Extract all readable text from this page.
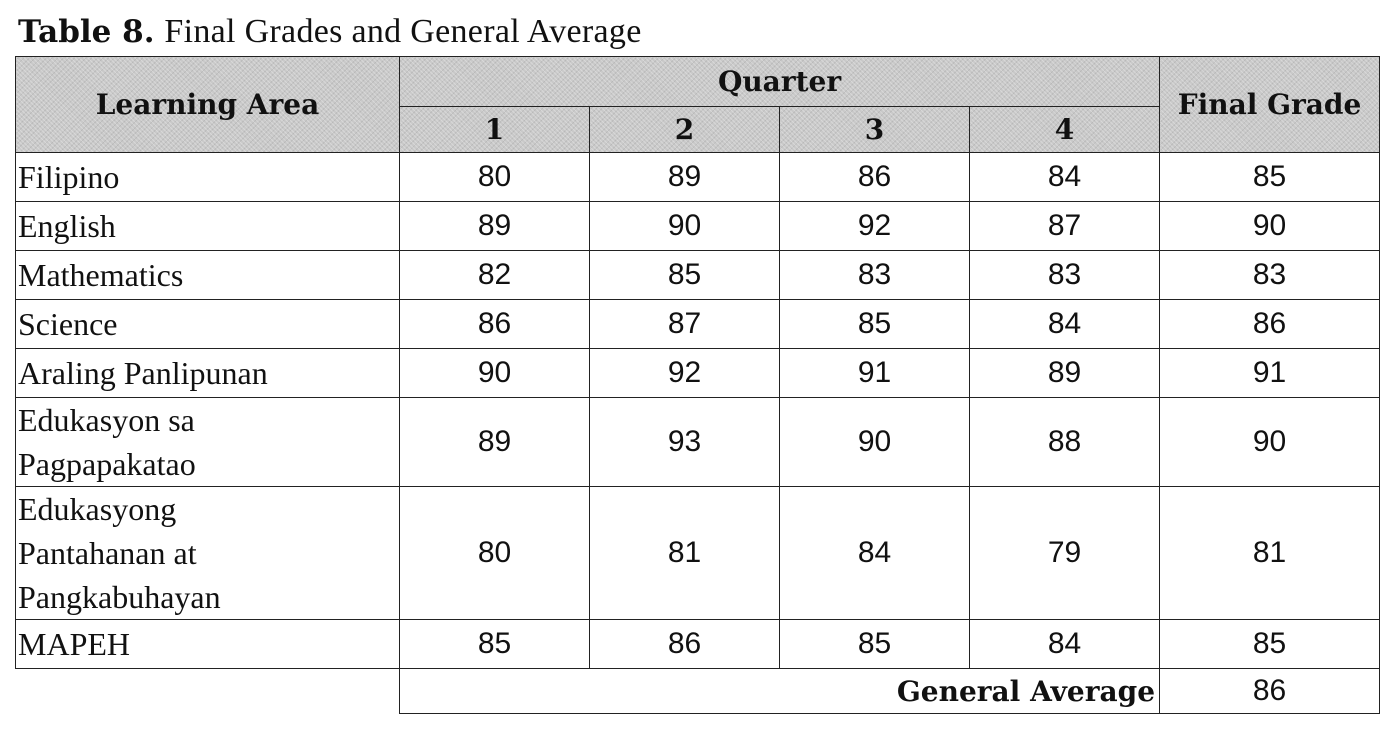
Table 8. Final Grades and General Average
Learning Area	Quarter				Final Grade
	1	2	3	4	
Filipino	80	89	86	84	85
English	89	90	92	87	90
Mathematics	82	85	83	83	83
Science	86	87	85	84	86
Araling Panlipunan	90	92	91	89	91

Edukasyon sa
Pagpapakatao	89	93	90	88	90

Edukasyong
Pantahanan at
Pangkabuhayan	80	81	84	79	81
MAPEH	85	86	85	84	85
	General Average				86
